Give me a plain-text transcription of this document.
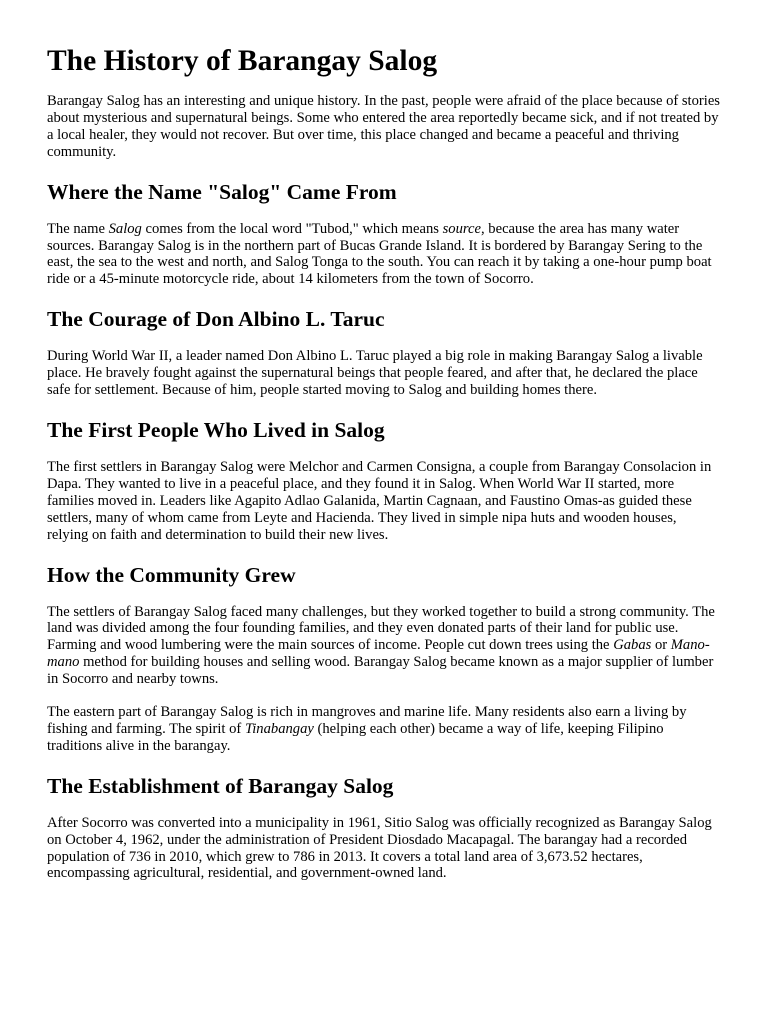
The History of Barangay Salog

Barangay Salog has an interesting and unique history. In the past, people were afraid of the place because of stories about mysterious and supernatural beings. Some who entered the area reportedly became sick, and if not treated by a local healer, they would not recover. But over time, this place changed and became a peaceful and thriving community.

Where the Name "Salog" Came From

The name Salog comes from the local word "Tubod," which means source, because the area has many water sources. Barangay Salog is in the northern part of Bucas Grande Island. It is bordered by Barangay Sering to the east, the sea to the west and north, and Salog Tonga to the south. You can reach it by taking a one-hour pump boat ride or a 45-minute motorcycle ride, about 14 kilometers from the town of Socorro.

The Courage of Don Albino L. Taruc

During World War II, a leader named Don Albino L. Taruc played a big role in making Barangay Salog a livable place. He bravely fought against the supernatural beings that people feared, and after that, he declared the place safe for settlement. Because of him, people started moving to Salog and building homes there.

The First People Who Lived in Salog

The first settlers in Barangay Salog were Melchor and Carmen Consigna, a couple from Barangay Consolacion in Dapa. They wanted to live in a peaceful place, and they found it in Salog. When World War II started, more families moved in. Leaders like Agapito Adlao Galanida, Martin Cagnaan, and Faustino Omas-as guided these settlers, many of whom came from Leyte and Hacienda. They lived in simple nipa huts and wooden houses, relying on faith and determination to build their new lives.

How the Community Grew

The settlers of Barangay Salog faced many challenges, but they worked together to build a strong community. The land was divided among the four founding families, and they even donated parts of their land for public use. Farming and wood lumbering were the main sources of income. People cut down trees using the Gabas or Mano-mano method for building houses and selling wood. Barangay Salog became known as a major supplier of lumber in Socorro and nearby towns.

The eastern part of Barangay Salog is rich in mangroves and marine life. Many residents also earn a living by fishing and farming. The spirit of Tinabangay (helping each other) became a way of life, keeping Filipino traditions alive in the barangay.

The Establishment of Barangay Salog

After Socorro was converted into a municipality in 1961, Sitio Salog was officially recognized as Barangay Salog on October 4, 1962, under the administration of President Diosdado Macapagal. The barangay had a recorded population of 736 in 2010, which grew to 786 in 2013. It covers a total land area of 3,673.52 hectares, encompassing agricultural, residential, and government-owned land.
